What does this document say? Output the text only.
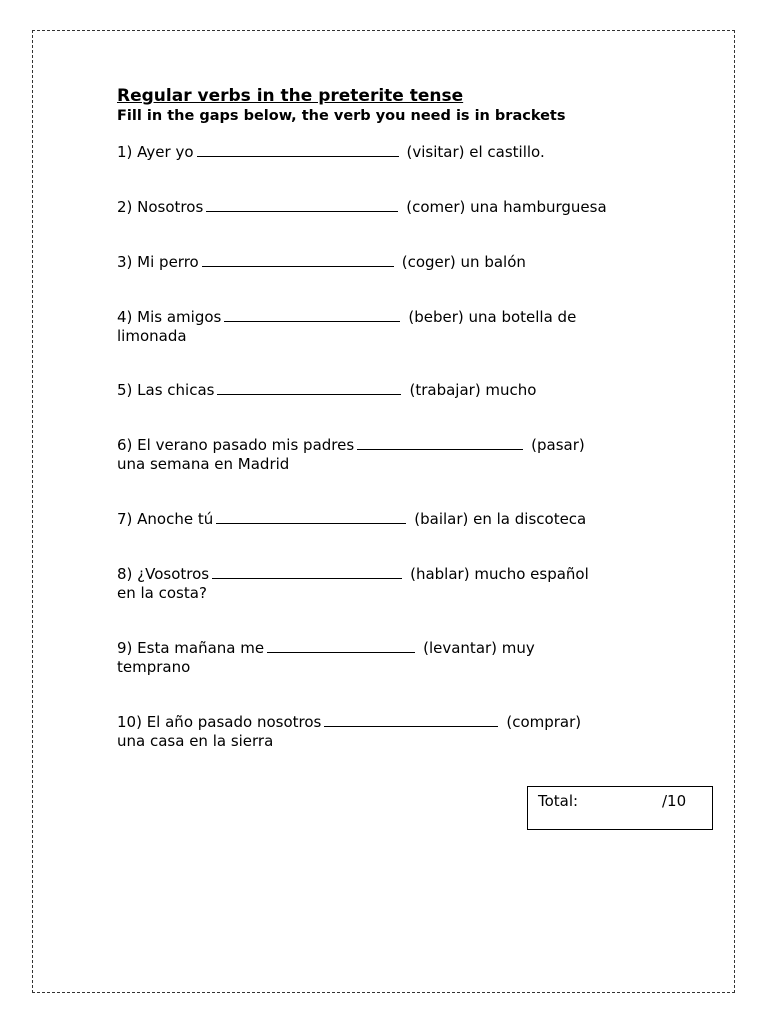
Regular verbs in the preterite tense

Fill in the gaps below, the verb you need is in brackets

1) Ayer yo	(visitar) el castillo.
2) Nosotros	(comer) una hamburguesa
3) Mi perro	(coger) un balón
4) Mis amigos	(beber) una botella de
limonada
5) Las chicas	(trabajar) mucho
6) El verano pasado mis padres	(pasar)
una semana en Madrid
7) Anoche tú	(bailar) en la discoteca
8) ¿Vosotros	(hablar) mucho español
en la costa?
9) Esta mañana me	(levantar) muy
temprano
10) El año pasado nosotros	(comprar)
una casa en la sierra
Total:	/10
